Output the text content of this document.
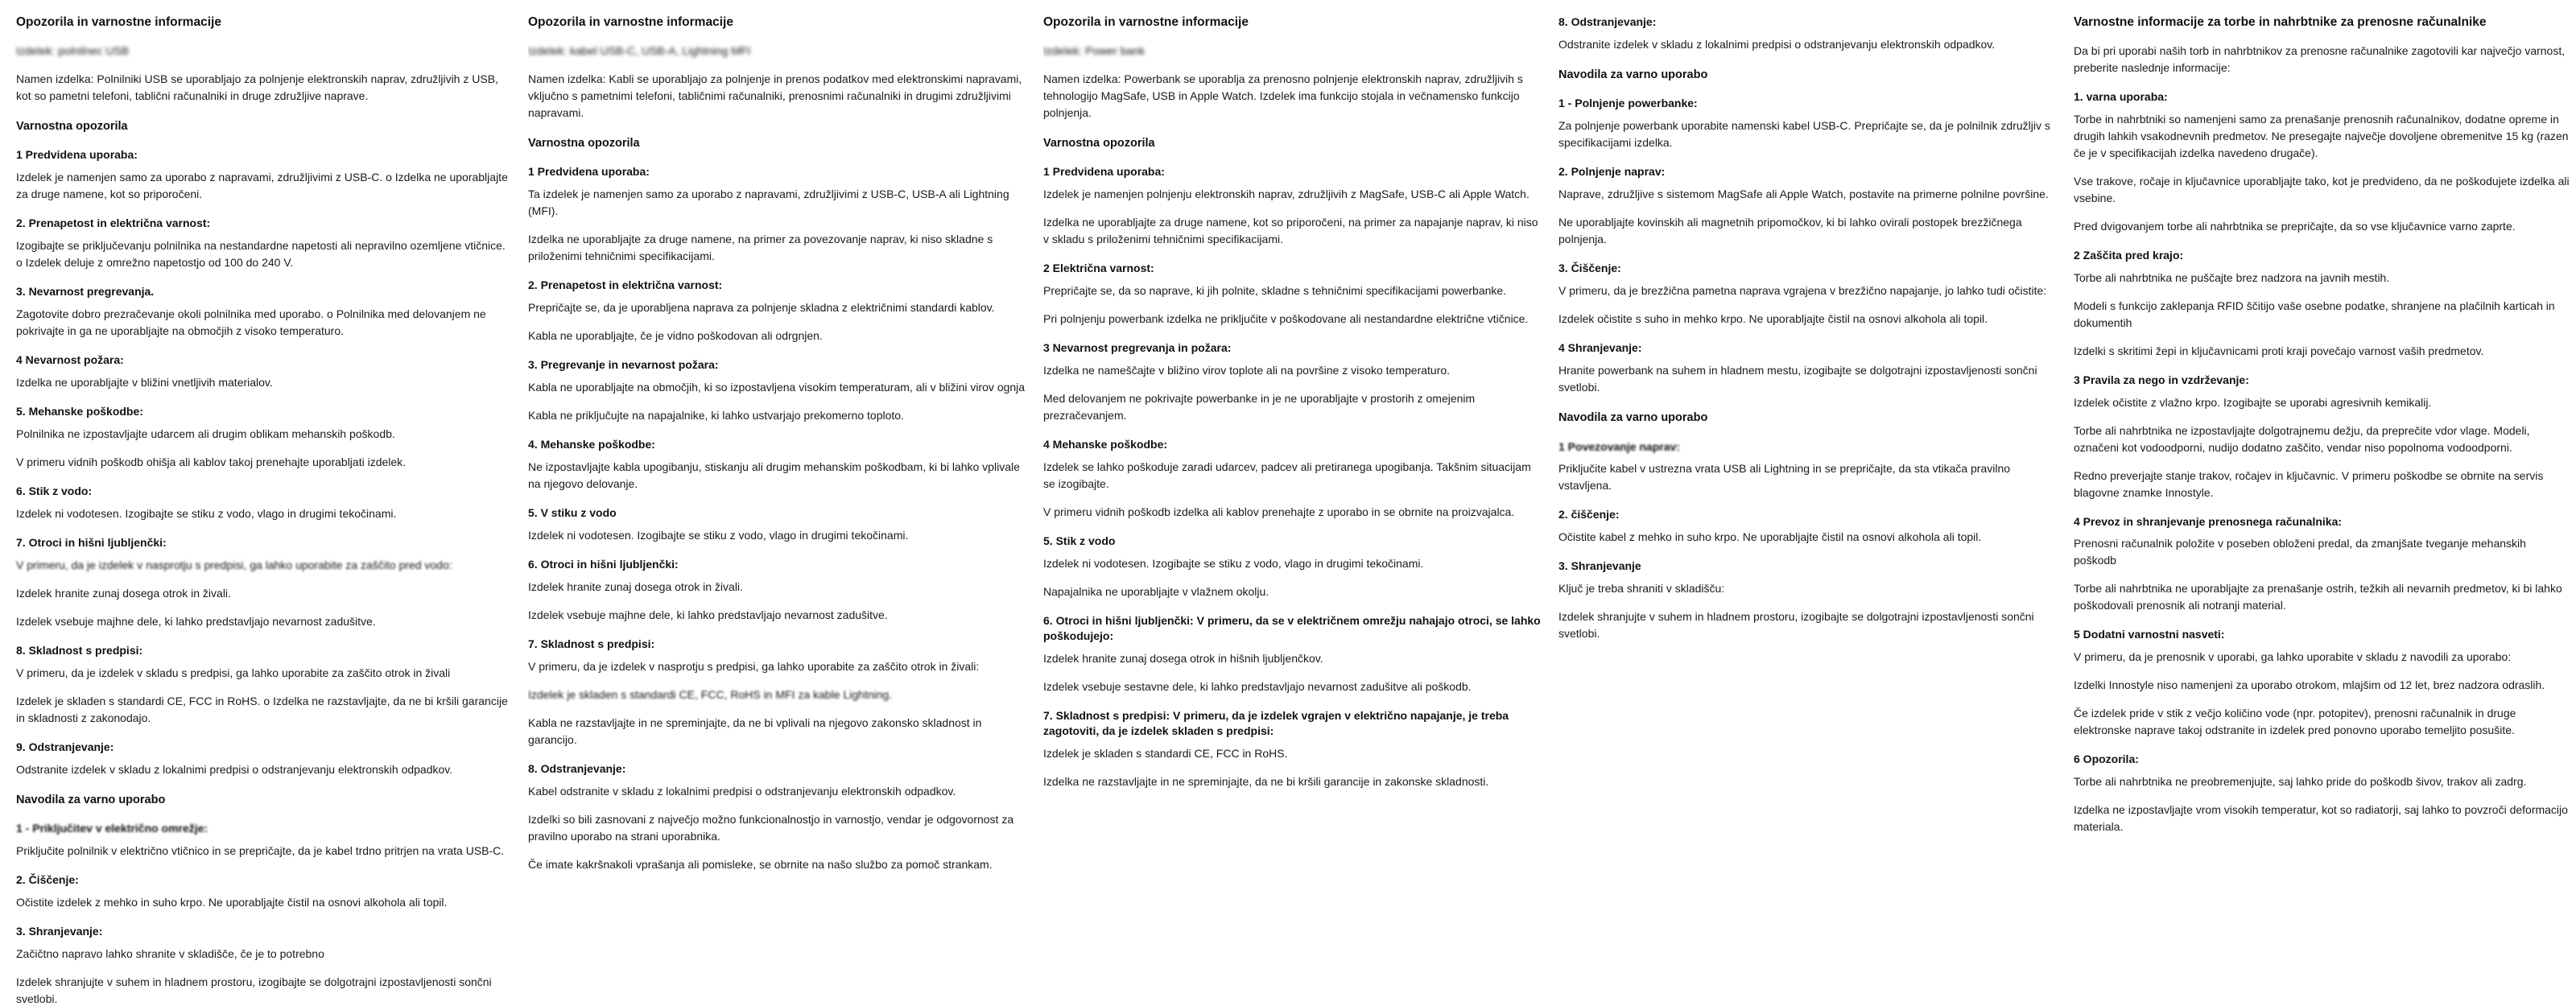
Opozorila in varnostne informacije

Izdelek: polnilnec USB

Namen izdelka: Polnilniki USB se uporabljajo za polnjenje elektronskih naprav, združljivih z USB, kot so pametni telefoni, tablični računalniki in druge združljive naprave.

Varnostna opozorila
1 Predvidena uporaba:

Izdelek je namenjen samo za uporabo z napravami, združljivimi z USB-C. o Izdelka ne uporabljajte za druge namene, kot so priporočeni.

2. Prenapetost in električna varnost:

Izogibajte se priključevanju polnilnika na nestandardne napetosti ali nepravilno ozemljene vtičnice. o Izdelek deluje z omrežno napetostjo od 100 do 240 V.

3. Nevarnost pregrevanja.

Zagotovite dobro prezračevanje okoli polnilnika med uporabo. o Polnilnika med delovanjem ne pokrivajte in ga ne uporabljajte na območjih z visoko temperaturo.

4 Nevarnost požara:

Izdelka ne uporabljajte v bližini vnetljivih materialov.

5. Mehanske poškodbe:

Polnilnika ne izpostavljajte udarcem ali drugim oblikam mehanskih poškodb.

V primeru vidnih poškodb ohišja ali kablov takoj prenehajte uporabljati izdelek.

6. Stik z vodo:

Izdelek ni vodotesen. Izogibajte se stiku z vodo, vlago in drugimi tekočinami.

7. Otroci in hišni ljubljenčki:

V primeru, da je izdelek v nasprotju s predpisi, ga lahko uporabite za zaščito pred vodo:

Izdelek hranite zunaj dosega otrok in živali.

Izdelek vsebuje majhne dele, ki lahko predstavljajo nevarnost zadušitve.

8. Skladnost s predpisi:

V primeru, da je izdelek v skladu s predpisi, ga lahko uporabite za zaščito otrok in živali

Izdelek je skladen s standardi CE, FCC in RoHS. o Izdelka ne razstavljajte, da ne bi kršili garancije in skladnosti z zakonodajo.

9. Odstranjevanje:

Odstranite izdelek v skladu z lokalnimi predpisi o odstranjevanju elektronskih odpadkov.

Navodila za varno uporabo
1 - Priključitev v električno omrežje:

Priključite polnilnik v električno vtičnico in se prepričajte, da je kabel trdno pritrjen na vrata USB-C.

2. Čiščenje:

Očistite izdelek z mehko in suho krpo. Ne uporabljajte čistil na osnovi alkohola ali topil.

3. Shranjevanje:

Začičtno napravo lahko shranite v skladišče, če je to potrebno

Izdelek shranjujte v suhem in hladnem prostoru, izogibajte se dolgotrajni izpostavljenosti sončni svetlobi.

Opozorila in varnostne informacije

Izdelek: kabel USB-C, USB-A, Lightning MFI

Namen izdelka: Kabli se uporabljajo za polnjenje in prenos podatkov med elektronskimi napravami, vključno s pametnimi telefoni, tabličnimi računalniki, prenosnimi računalniki in drugimi združljivimi napravami.

Varnostna opozorila
1 Predvidena uporaba:

Ta izdelek je namenjen samo za uporabo z napravami, združljivimi z USB-C, USB-A ali Lightning (MFI).

Izdelka ne uporabljajte za druge namene, na primer za povezovanje naprav, ki niso skladne s priloženimi tehničnimi specifikacijami.

2. Prenapetost in električna varnost:

Prepričajte se, da je uporabljena naprava za polnjenje skladna z električnimi standardi kablov.

Kabla ne uporabljajte, če je vidno poškodovan ali odrgnjen.

3. Pregrevanje in nevarnost požara:

Kabla ne uporabljajte na območjih, ki so izpostavljena visokim temperaturam, ali v bližini virov ognja

Kabla ne priključujte na napajalnike, ki lahko ustvarjajo prekomerno toploto.

4. Mehanske poškodbe:

Ne izpostavljajte kabla upogibanju, stiskanju ali drugim mehanskim poškodbam, ki bi lahko vplivale na njegovo delovanje.

5. V stiku z vodo

Izdelek ni vodotesen. Izogibajte se stiku z vodo, vlago in drugimi tekočinami.

6. Otroci in hišni ljubljenčki:

Izdelek hranite zunaj dosega otrok in živali.

Izdelek vsebuje majhne dele, ki lahko predstavljajo nevarnost zadušitve.

7. Skladnost s predpisi:

V primeru, da je izdelek v nasprotju s predpisi, ga lahko uporabite za zaščito otrok in živali:

Izdelek je skladen s standardi CE, FCC, RoHS in MFI za kable Lightning.

Kabla ne razstavljajte in ne spreminjajte, da ne bi vplivali na njegovo zakonsko skladnost in garancijo.

8. Odstranjevanje:

Kabel odstranite v skladu z lokalnimi predpisi o odstranjevanju elektronskih odpadkov.

Izdelki so bili zasnovani z največjo možno funkcionalnostjo in varnostjo, vendar je odgovornost za pravilno uporabo na strani uporabnika.

Če imate kakršnakoli vprašanja ali pomisleke, se obrnite na našo službo za pomoč strankam.

Opozorila in varnostne informacije

Izdelek: Power bank

Namen izdelka: Powerbank se uporablja za prenosno polnjenje elektronskih naprav, združljivih s tehnologijo MagSafe, USB in Apple Watch. Izdelek ima funkcijo stojala in večnamensko funkcijo polnjenja.

Varnostna opozorila
1 Predvidena uporaba:

Izdelek je namenjen polnjenju elektronskih naprav, združljivih z MagSafe, USB-C ali Apple Watch.

Izdelka ne uporabljajte za druge namene, kot so priporočeni, na primer za napajanje naprav, ki niso v skladu s priloženimi tehničnimi specifikacijami.

2 Električna varnost:

Prepričajte se, da so naprave, ki jih polnite, skladne s tehničnimi specifikacijami powerbanke.

Pri polnjenju powerbank izdelka ne priključite v poškodovane ali nestandardne električne vtičnice.

3 Nevarnost pregrevanja in požara:

Izdelka ne nameščajte v bližino virov toplote ali na površine z visoko temperaturo.

Med delovanjem ne pokrivajte powerbanke in je ne uporabljajte v prostorih z omejenim prezračevanjem.

4 Mehanske poškodbe:

Izdelek se lahko poškoduje zaradi udarcev, padcev ali pretiranega upogibanja. Takšnim situacijam se izogibajte.

V primeru vidnih poškodb izdelka ali kablov prenehajte z uporabo in se obrnite na proizvajalca.

5. Stik z vodo

Izdelek ni vodotesen. Izogibajte se stiku z vodo, vlago in drugimi tekočinami.

Napajalnika ne uporabljajte v vlažnem okolju.

6. Otroci in hišni ljubljenčki: V primeru, da se v električnem omrežju nahajajo otroci, se lahko poškodujejo:

Izdelek hranite zunaj dosega otrok in hišnih ljubljenčkov.

Izdelek vsebuje sestavne dele, ki lahko predstavljajo nevarnost zadušitve ali poškodb.

7. Skladnost s predpisi: V primeru, da je izdelek vgrajen v električno napajanje, je treba zagotoviti, da je izdelek skladen s predpisi:

Izdelek je skladen s standardi CE, FCC in RoHS.

Izdelka ne razstavljajte in ne spreminjajte, da ne bi kršili garancije in zakonske skladnosti.

8. Odstranjevanje:

Odstranite izdelek v skladu z lokalnimi predpisi o odstranjevanju elektronskih odpadkov.

Navodila za varno uporabo
1 - Polnjenje powerbanke:

Za polnjenje powerbank uporabite namenski kabel USB-C. Prepričajte se, da je polnilnik združljiv s specifikacijami izdelka.

2. Polnjenje naprav:

Naprave, združljive s sistemom MagSafe ali Apple Watch, postavite na primerne polnilne površine.

Ne uporabljajte kovinskih ali magnetnih pripomočkov, ki bi lahko ovirali postopek brezžičnega polnjenja.

3. Čiščenje:

V primeru, da je brezžična pametna naprava vgrajena v brezžično napajanje, jo lahko tudi očistite:

Izdelek očistite s suho in mehko krpo. Ne uporabljajte čistil na osnovi alkohola ali topil.

4 Shranjevanje:

Hranite powerbank na suhem in hladnem mestu, izogibajte se dolgotrajni izpostavljenosti sončni svetlobi.

Navodila za varno uporabo
1 Povezovanje naprav:

Priključite kabel v ustrezna vrata USB ali Lightning in se prepričajte, da sta vtikača pravilno vstavljena.

2. čiščenje:

Očistite kabel z mehko in suho krpo. Ne uporabljajte čistil na osnovi alkohola ali topil.

3. Shranjevanje

Ključ je treba shraniti v skladišču:

Izdelek shranjujte v suhem in hladnem prostoru, izogibajte se dolgotrajni izpostavljenosti sončni svetlobi.

Varnostne informacije za torbe in nahrbtnike za prenosne računalnike

Da bi pri uporabi naših torb in nahrbtnikov za prenosne računalnike zagotovili kar največjo varnost, preberite naslednje informacije:

1. varna uporaba:

Torbe in nahrbtniki so namenjeni samo za prenašanje prenosnih računalnikov, dodatne opreme in drugih lahkih vsakodnevnih predmetov. Ne presegajte največje dovoljene obremenitve 15 kg (razen če je v specifikacijah izdelka navedeno drugače).

Vse trakove, ročaje in ključavnice uporabljajte tako, kot je predvideno, da ne poškodujete izdelka ali vsebine.

Pred dvigovanjem torbe ali nahrbtnika se prepričajte, da so vse ključavnice varno zaprte.

2 Zaščita pred krajo:

Torbe ali nahrbtnika ne puščajte brez nadzora na javnih mestih.

Modeli s funkcijo zaklepanja RFID ščitijo vaše osebne podatke, shranjene na plačilnih karticah in dokumentih

Izdelki s skritimi žepi in ključavnicami proti kraji povečajo varnost vaših predmetov.

3 Pravila za nego in vzdrževanje:

Izdelek očistite z vlažno krpo. Izogibajte se uporabi agresivnih kemikalij.

Torbe ali nahrbtnika ne izpostavljajte dolgotrajnemu dežju, da preprečite vdor vlage. Modeli, označeni kot vodoodporni, nudijo dodatno zaščito, vendar niso popolnoma vodoodporni.

Redno preverjajte stanje trakov, ročajev in ključavnic. V primeru poškodbe se obrnite na servis blagovne znamke Innostyle.

4 Prevoz in shranjevanje prenosnega računalnika:

Prenosni računalnik položite v poseben obloženi predal, da zmanjšate tveganje mehanskih poškodb

Torbe ali nahrbtnika ne uporabljajte za prenašanje ostrih, težkih ali nevarnih predmetov, ki bi lahko poškodovali prenosnik ali notranji material.

5 Dodatni varnostni nasveti:

V primeru, da je prenosnik v uporabi, ga lahko uporabite v skladu z navodili za uporabo:

Izdelki Innostyle niso namenjeni za uporabo otrokom, mlajšim od 12 let, brez nadzora odraslih.

Če izdelek pride v stik z večjo količino vode (npr. potopitev), prenosni računalnik in druge elektronske naprave takoj odstranite in izdelek pred ponovno uporabo temeljito posušite.

6 Opozorila:

Torbe ali nahrbtnika ne preobremenjujte, saj lahko pride do poškodb šivov, trakov ali zadrg.

Izdelka ne izpostavljajte vrom visokih temperatur, kot so radiatorji, saj lahko to povzroči deformacijo materiala.
